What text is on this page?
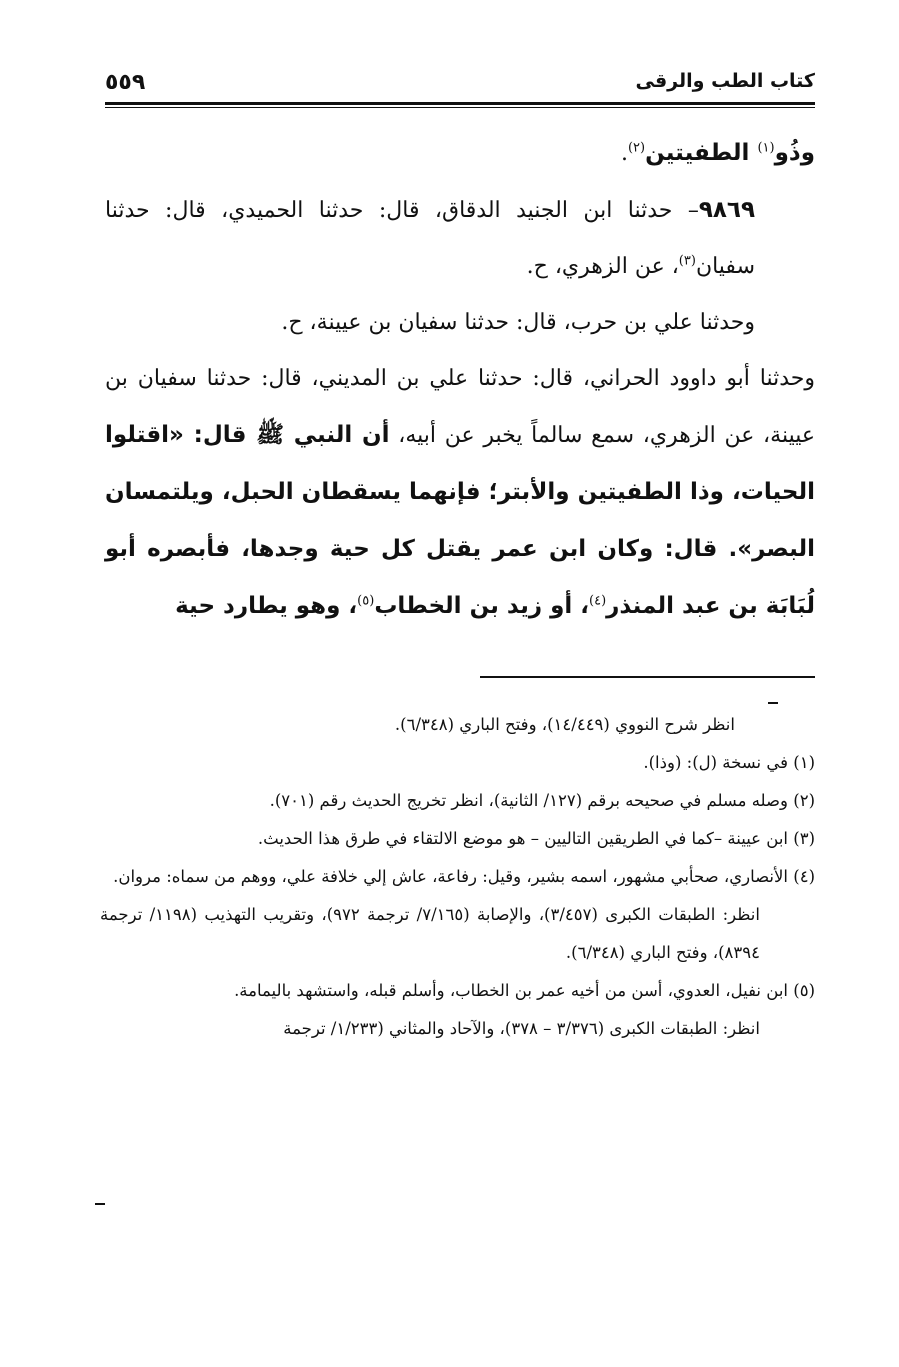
٥٥٩	كتاب الطب والرقى

وذُو$^{(١)}$ الطفيتين$^{(٢)}$.

٩٨٦٩– حدثنا ابن الجنيد الدقاق، قال: حدثنا الحميدي، قال: حدثنا سفيان$^{(٣)}$، عن الزهري، ح.

وحدثنا علي بن حرب، قال: حدثنا سفيان بن عيينة، ح.

وحدثنا أبو داوود الحراني، قال: حدثنا علي بن المديني، قال: حدثنا سفيان بن عيينة، عن الزهري، سمع سالماً يخبر عن أبيه، أن النبي ﷺ قال: «اقتلوا الحيات، وذا الطفيتين والأبتر؛ فإنهما يسقطان الحبل، ويلتمسان البصر». قال: وكان ابن عمر يقتل كل حية وجدها، فأبصره أبو لُبَابَة بن عبد المنذر$^{(٤)}$، أو زيد بن الخطاب$^{(٥)}$، وهو يطارد حية

انظر شرح النووي (١٤/٤٤٩)، وفتح الباري (٦/٣٤٨).

(١) في نسخة (ل): (وذا).

(٢) وصله مسلم في صحيحه برقم (١٢٧/ الثانية)، انظر تخريج الحديث رقم (٧٠١).

(٣) ابن عيينة –كما في الطريقين التاليين – هو موضع الالتقاء في طرق هذا الحديث.

(٤) الأنصاري، صحأبي مشهور، اسمه بشير، وقيل: رفاعة، عاش إلي خلافة علي، ووهم من سماه: مروان.

انظر: الطبقات الكبرى (٣/٤٥٧)، والإصابة (٧/١٦٥/ ترجمة ٩٧٢)، وتقريب التهذيب (١١٩٨/ ترجمة ٨٣٩٤)، وفتح الباري (٦/٣٤٨).

(٥) ابن نفيل، العدوي، أسن من أخيه عمر بن الخطاب، وأسلم قبله، واستشهد باليمامة.

انظر: الطبقات الكبرى (٣/٣٧٦ – ٣٧٨)، والآحاد والمثاني (١/٢٣٣/ ترجمة
